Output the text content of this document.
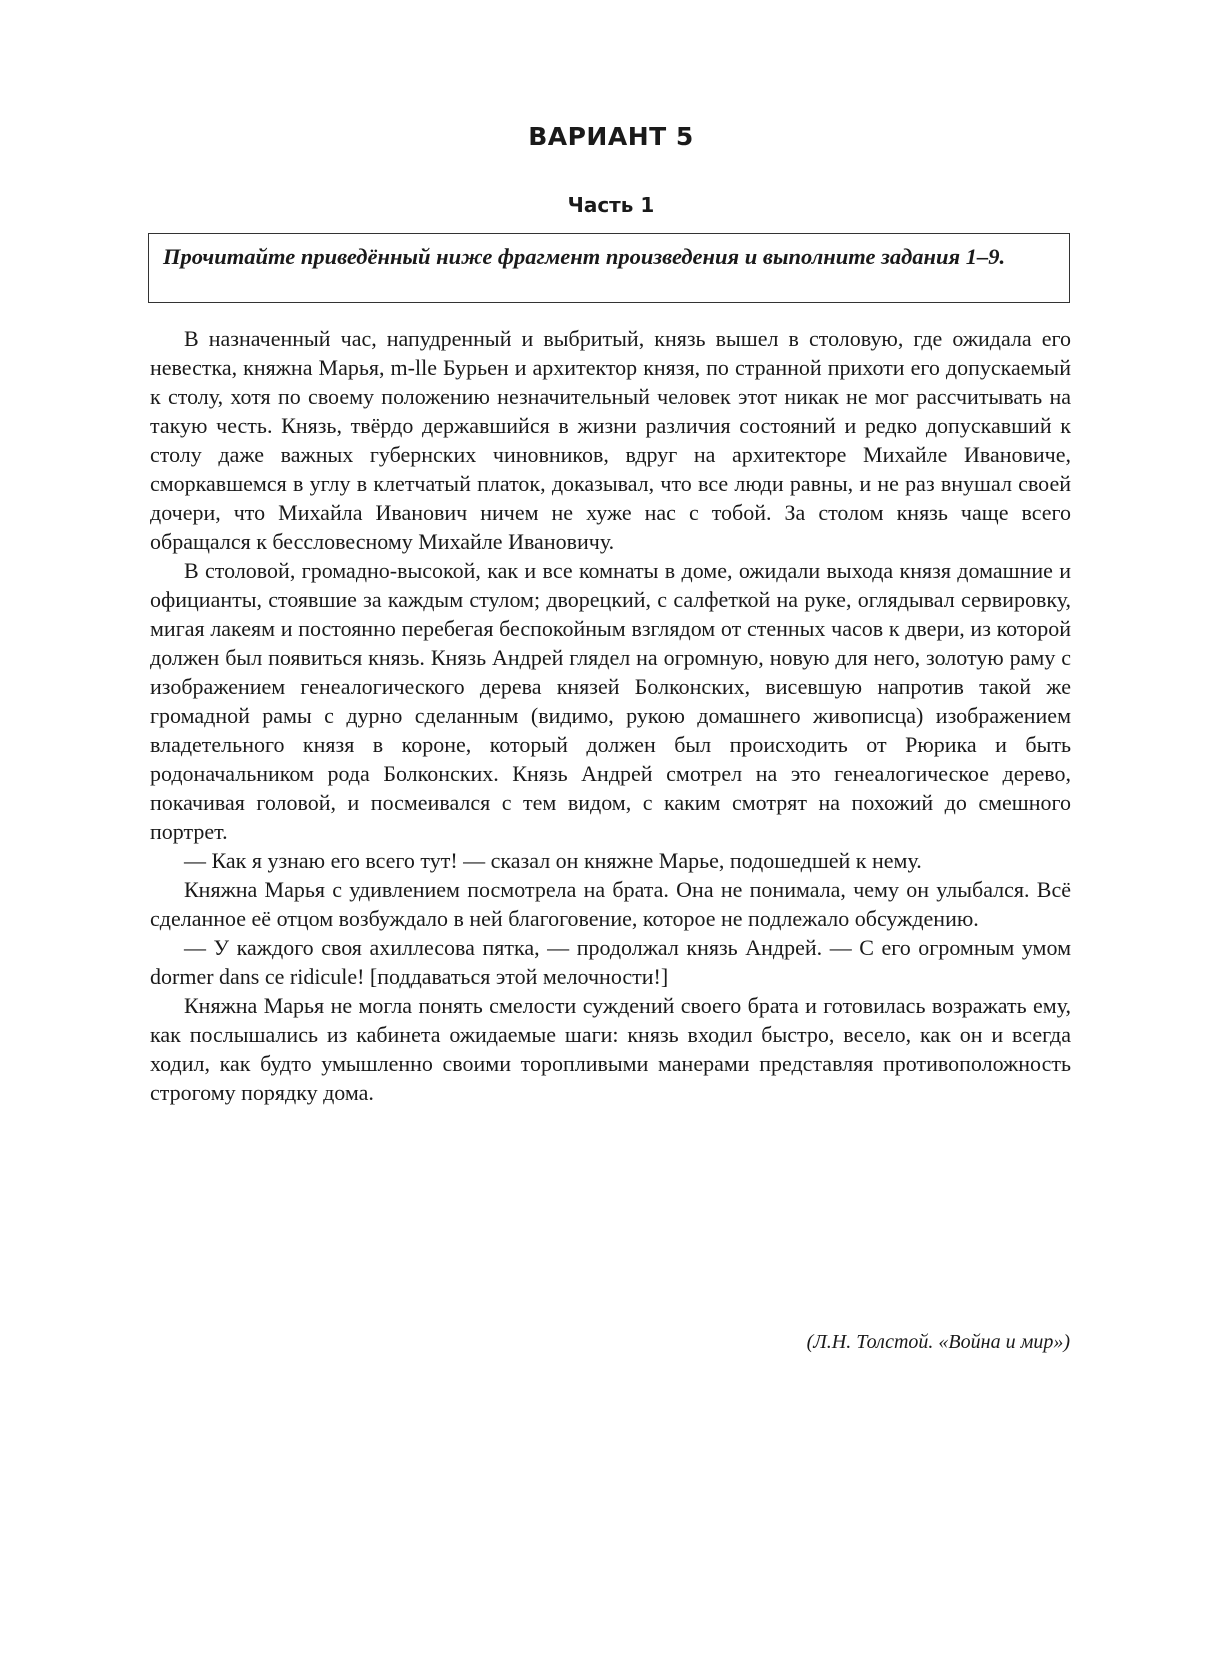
ВАРИАНТ 5
Часть 1
Прочитайте приведённый ниже фрагмент произведения и выполните задания 1–9.

В назначенный час, напудренный и выбритый, князь вышел в столовую, где ожидала его невестка, княжна Марья, m-lle Бурьен и архитектор князя, по странной прихоти его допускаемый к столу, хотя по своему положению незначительный человек этот никак не мог рассчитывать на такую честь. Князь, твёрдо державшийся в жизни различия состояний и редко допускавший к столу даже важных губернских чиновников, вдруг на архитекторе Михайле Ивановиче, сморкавшемся в углу в клетчатый платок, доказывал, что все люди равны, и не раз внушал своей дочери, что Михайла Иванович ничем не хуже нас с тобой. За столом князь чаще всего обращался к бессловесному Михайле Ивановичу.

В столовой, громадно-высокой, как и все комнаты в доме, ожидали выхода князя домашние и официанты, стоявшие за каждым стулом; дворецкий, с салфеткой на руке, оглядывал сервировку, мигая лакеям и постоянно перебегая беспокойным взглядом от стенных часов к двери, из которой должен был появиться князь. Князь Андрей глядел на огромную, новую для него, золотую раму с изображением генеалогического дерева князей Болконских, висевшую напротив такой же громадной рамы с дурно сделанным (видимо, рукою домашнего живописца) изображением владетельного князя в короне, который должен был происходить от Рюрика и быть родоначальником рода Болконских. Князь Андрей смотрел на это генеалогическое дерево, покачивая головой, и посмеивался с тем видом, с каким смотрят на похожий до смешного портрет.

— Как я узнаю его всего тут! — сказал он княжне Марье, подошедшей к нему.

Княжна Марья с удивлением посмотрела на брата. Она не понимала, чему он улыбался. Всё сделанное её отцом возбуждало в ней благоговение, которое не подлежало обсуждению.

— У каждого своя ахиллесова пятка, — продолжал князь Андрей. — С его огромным умом dormer dans ce ridicule! [поддаваться этой мелочности!]

Княжна Марья не могла понять смелости суждений своего брата и готовилась возражать ему, как послышались из кабинета ожидаемые шаги: князь входил быстро, весело, как он и всегда ходил, как будто умышленно своими торопливыми манерами представляя противоположность строгому порядку дома.

(Л.Н. Толстой. «Война и мир»)
